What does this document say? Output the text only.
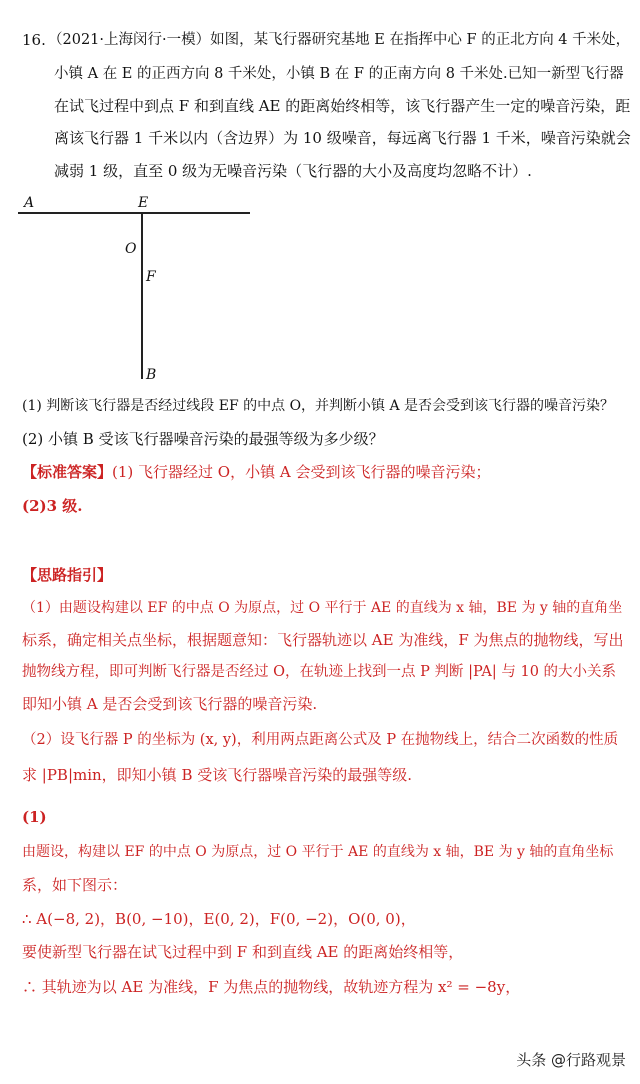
16. （2021·上海闵行·一模）如图，某飞行器研究基地 E 在指挥中心 F 的正北方向 4 千米处，
小镇 A 在 E 的正西方向 8 千米处，小镇 B 在 F 的正南方向 8 千米处.已知一新型飞行器
在试飞过程中到点 F 和到直线 AE 的距离始终相等，该飞行器产生一定的噪音污染，距
离该飞行器 1 千米以内（含边界）为 10 级噪音，每远离飞行器 1 千米，噪音污染就会
减弱 1 级，直至 0 级为无噪音污染（飞行器的大小及高度均忽略不计）.
A	E
O
F
B
(1) 判断该飞行器是否经过线段 EF 的中点 O，并判断小镇 A 是否会受到该飞行器的噪音污染？
(2) 小镇 B 受该飞行器噪音污染的最强等级为多少级？
【标准答案】(1) 飞行器经过 O，小镇 A 会受到该飞行器的噪音污染；
(2)3 级.
【思路指引】
（1）由题设构建以 EF 的中点 O 为原点，过 O 平行于 AE 的直线为 x 轴，BE 为 y 轴的直角坐
标系，确定相关点坐标，根据题意知：飞行器轨迹以 AE 为准线，F 为焦点的抛物线，写出
抛物线方程，即可判断飞行器是否经过 O，在轨迹上找到一点 P 判断 |PA| 与 10 的大小关系
即知小镇 A 是否会受到该飞行器的噪音污染.
（2）设飞行器 P 的坐标为 (x, y)，利用两点距离公式及 P 在抛物线上，结合二次函数的性质
求 |PB|min，即知小镇 B 受该飞行器噪音污染的最强等级.
(1)
由题设，构建以 EF 的中点 O 为原点，过 O 平行于 AE 的直线为 x 轴，BE 为 y 轴的直角坐标
系，如下图示：
∴ A(−8, 2)，B(0, −10)，E(0, 2)，F(0, −2)，O(0, 0)，
要使新型飞行器在试飞过程中到 F 和到直线 AE 的距离始终相等，
∴ 其轨迹为以 AE 为准线，F 为焦点的抛物线，故轨迹方程为 x² = −8y，
头条 @行路观景
